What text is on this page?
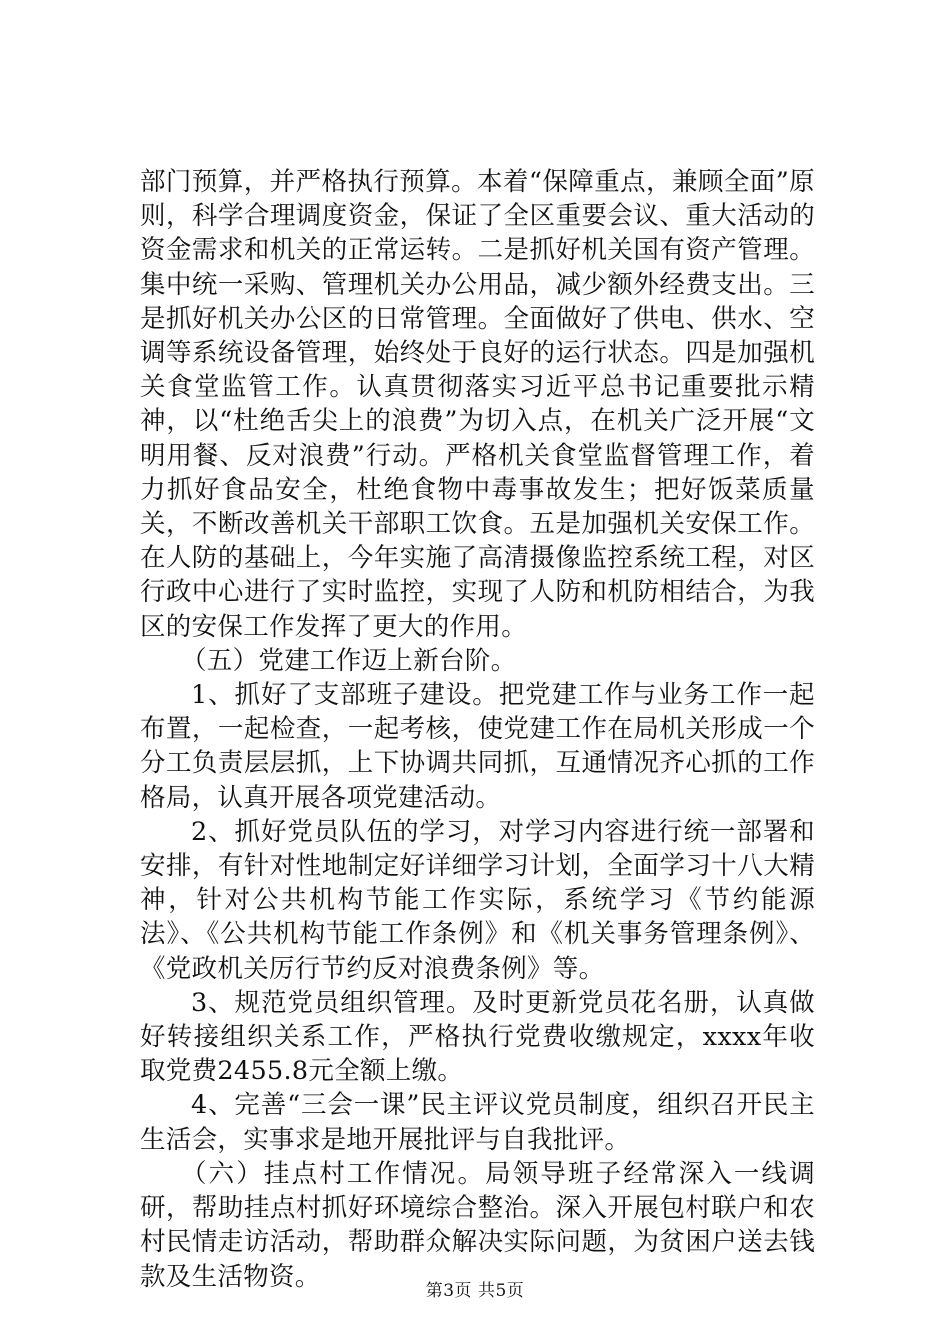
部门预算，并严格执行预算。本着“保障重点，兼顾全面”原则，科学合理调度资金，保证了全区重要会议、重大活动的资金需求和机关的正常运转。二是抓好机关国有资产管理。集中统一采购、管理机关办公用品，减少额外经费支出。三是抓好机关办公区的日常管理。全面做好了供电、供水、空调等系统设备管理，始终处于良好的运行状态。四是加强机关食堂监管工作。认真贯彻落实习近平总书记重要批示精神，以“杜绝舌尖上的浪费”为切入点，在机关广泛开展“文明用餐、反对浪费”行动。严格机关食堂监督管理工作，着力抓好食品安全，杜绝食物中毒事故发生；把好饭菜质量关，不断改善机关干部职工饮食。五是加强机关安保工作。在人防的基础上，今年实施了高清摄像监控系统工程，对区行政中心进行了实时监控，实现了人防和机防相结合，为我区的安保工作发挥了更大的作用。

（五）党建工作迈上新台阶。

1、抓好了支部班子建设。把党建工作与业务工作一起布置，一起检查，一起考核，使党建工作在局机关形成一个分工负责层层抓，上下协调共同抓，互通情况齐心抓的工作格局，认真开展各项党建活动。

2、抓好党员队伍的学习，对学习内容进行统一部署和安排，有针对性地制定好详细学习计划，全面学习十八大精神，针对公共机构节能工作实际，系统学习《节约能源法》、《公共机构节能工作条例》和《机关事务管理条例》、《党政机关厉行节约反对浪费条例》等。

3、规范党员组织管理。及时更新党员花名册，认真做好转接组织关系工作，严格执行党费收缴规定，xxxx年收取党费2455.8元全额上缴。

4、完善“三会一课”民主评议党员制度，组织召开民主生活会，实事求是地开展批评与自我批评。

（六）挂点村工作情况。局领导班子经常深入一线调研，帮助挂点村抓好环境综合整治。深入开展包村联户和农村民情走访活动，帮助群众解决实际问题，为贫困户送去钱款及生活物资。	第3页 共5页
